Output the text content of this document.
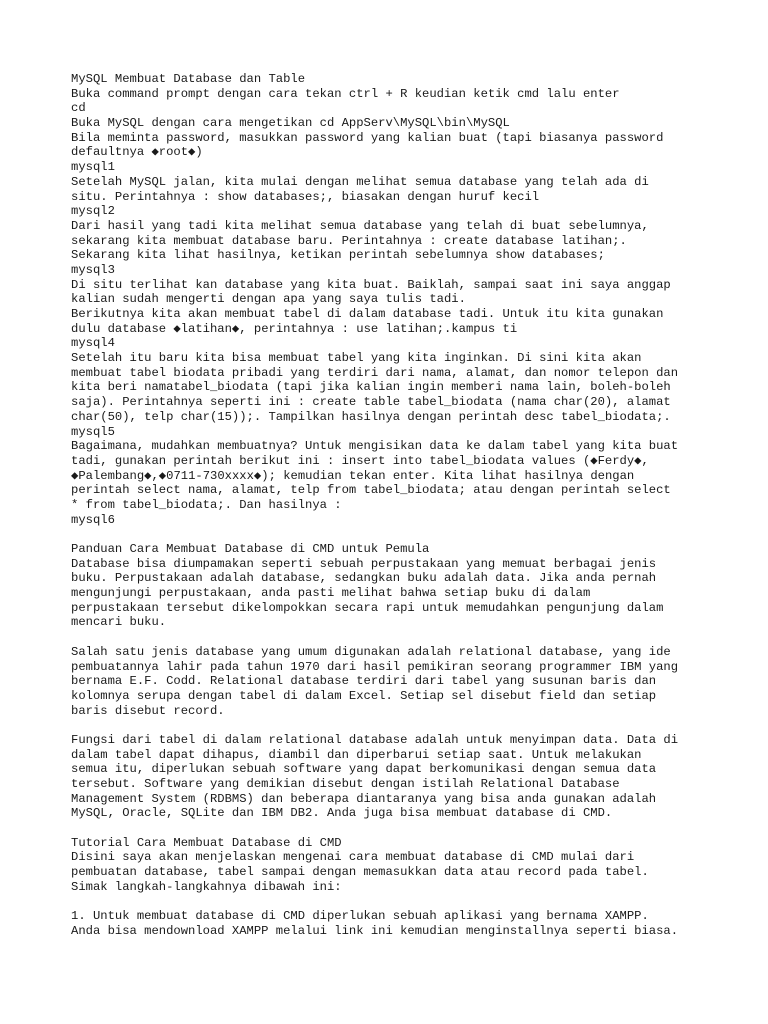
MySQL Membuat Database dan Table
Buka command prompt dengan cara tekan ctrl + R keudian ketik cmd lalu enter
cd
Buka MySQL dengan cara mengetikan cd AppServ\MySQL\bin\MySQL
Bila meminta password, masukkan password yang kalian buat (tapi biasanya password
defaultnya ◆root◆)
mysql1
Setelah MySQL jalan, kita mulai dengan melihat semua database yang telah ada di
situ. Perintahnya : show databases;, biasakan dengan huruf kecil
mysql2
Dari hasil yang tadi kita melihat semua database yang telah di buat sebelumnya,
sekarang kita membuat database baru. Perintahnya : create database latihan;.
Sekarang kita lihat hasilnya, ketikan perintah sebelumnya show databases;
mysql3
Di situ terlihat kan database yang kita buat. Baiklah, sampai saat ini saya anggap
kalian sudah mengerti dengan apa yang saya tulis tadi.
Berikutnya kita akan membuat tabel di dalam database tadi. Untuk itu kita gunakan
dulu database ◆latihan◆, perintahnya : use latihan;.kampus ti
mysql4
Setelah itu baru kita bisa membuat tabel yang kita inginkan. Di sini kita akan
membuat tabel biodata pribadi yang terdiri dari nama, alamat, dan nomor telepon dan
kita beri namatabel_biodata (tapi jika kalian ingin memberi nama lain, boleh-boleh
saja). Perintahnya seperti ini : create table tabel_biodata (nama char(20), alamat
char(50), telp char(15));. Tampilkan hasilnya dengan perintah desc tabel_biodata;.
mysql5
Bagaimana, mudahkan membuatnya? Untuk mengisikan data ke dalam tabel yang kita buat
tadi, gunakan perintah berikut ini : insert into tabel_biodata values (◆Ferdy◆,
◆Palembang◆,◆0711-730xxxx◆); kemudian tekan enter. Kita lihat hasilnya dengan
perintah select nama, alamat, telp from tabel_biodata; atau dengan perintah select
* from tabel_biodata;. Dan hasilnya :
mysql6
Panduan Cara Membuat Database di CMD untuk Pemula
Database bisa diumpamakan seperti sebuah perpustakaan yang memuat berbagai jenis
buku. Perpustakaan adalah database, sedangkan buku adalah data. Jika anda pernah
mengunjungi perpustakaan, anda pasti melihat bahwa setiap buku di dalam
perpustakaan tersebut dikelompokkan secara rapi untuk memudahkan pengunjung dalam
mencari buku.
Salah satu jenis database yang umum digunakan adalah relational database, yang ide
pembuatannya lahir pada tahun 1970 dari hasil pemikiran seorang programmer IBM yang
bernama E.F. Codd. Relational database terdiri dari tabel yang susunan baris dan
kolomnya serupa dengan tabel di dalam Excel. Setiap sel disebut field dan setiap
baris disebut record.
Fungsi dari tabel di dalam relational database adalah untuk menyimpan data. Data di
dalam tabel dapat dihapus, diambil dan diperbarui setiap saat. Untuk melakukan
semua itu, diperlukan sebuah software yang dapat berkomunikasi dengan semua data
tersebut. Software yang demikian disebut dengan istilah Relational Database
Management System (RDBMS) dan beberapa diantaranya yang bisa anda gunakan adalah
MySQL, Oracle, SQLite dan IBM DB2. Anda juga bisa membuat database di CMD.
Tutorial Cara Membuat Database di CMD
Disini saya akan menjelaskan mengenai cara membuat database di CMD mulai dari
pembuatan database, tabel sampai dengan memasukkan data atau record pada tabel.
Simak langkah-langkahnya dibawah ini:
1. Untuk membuat database di CMD diperlukan sebuah aplikasi yang bernama XAMPP.
Anda bisa mendownload XAMPP melalui link ini kemudian menginstallnya seperti biasa.
